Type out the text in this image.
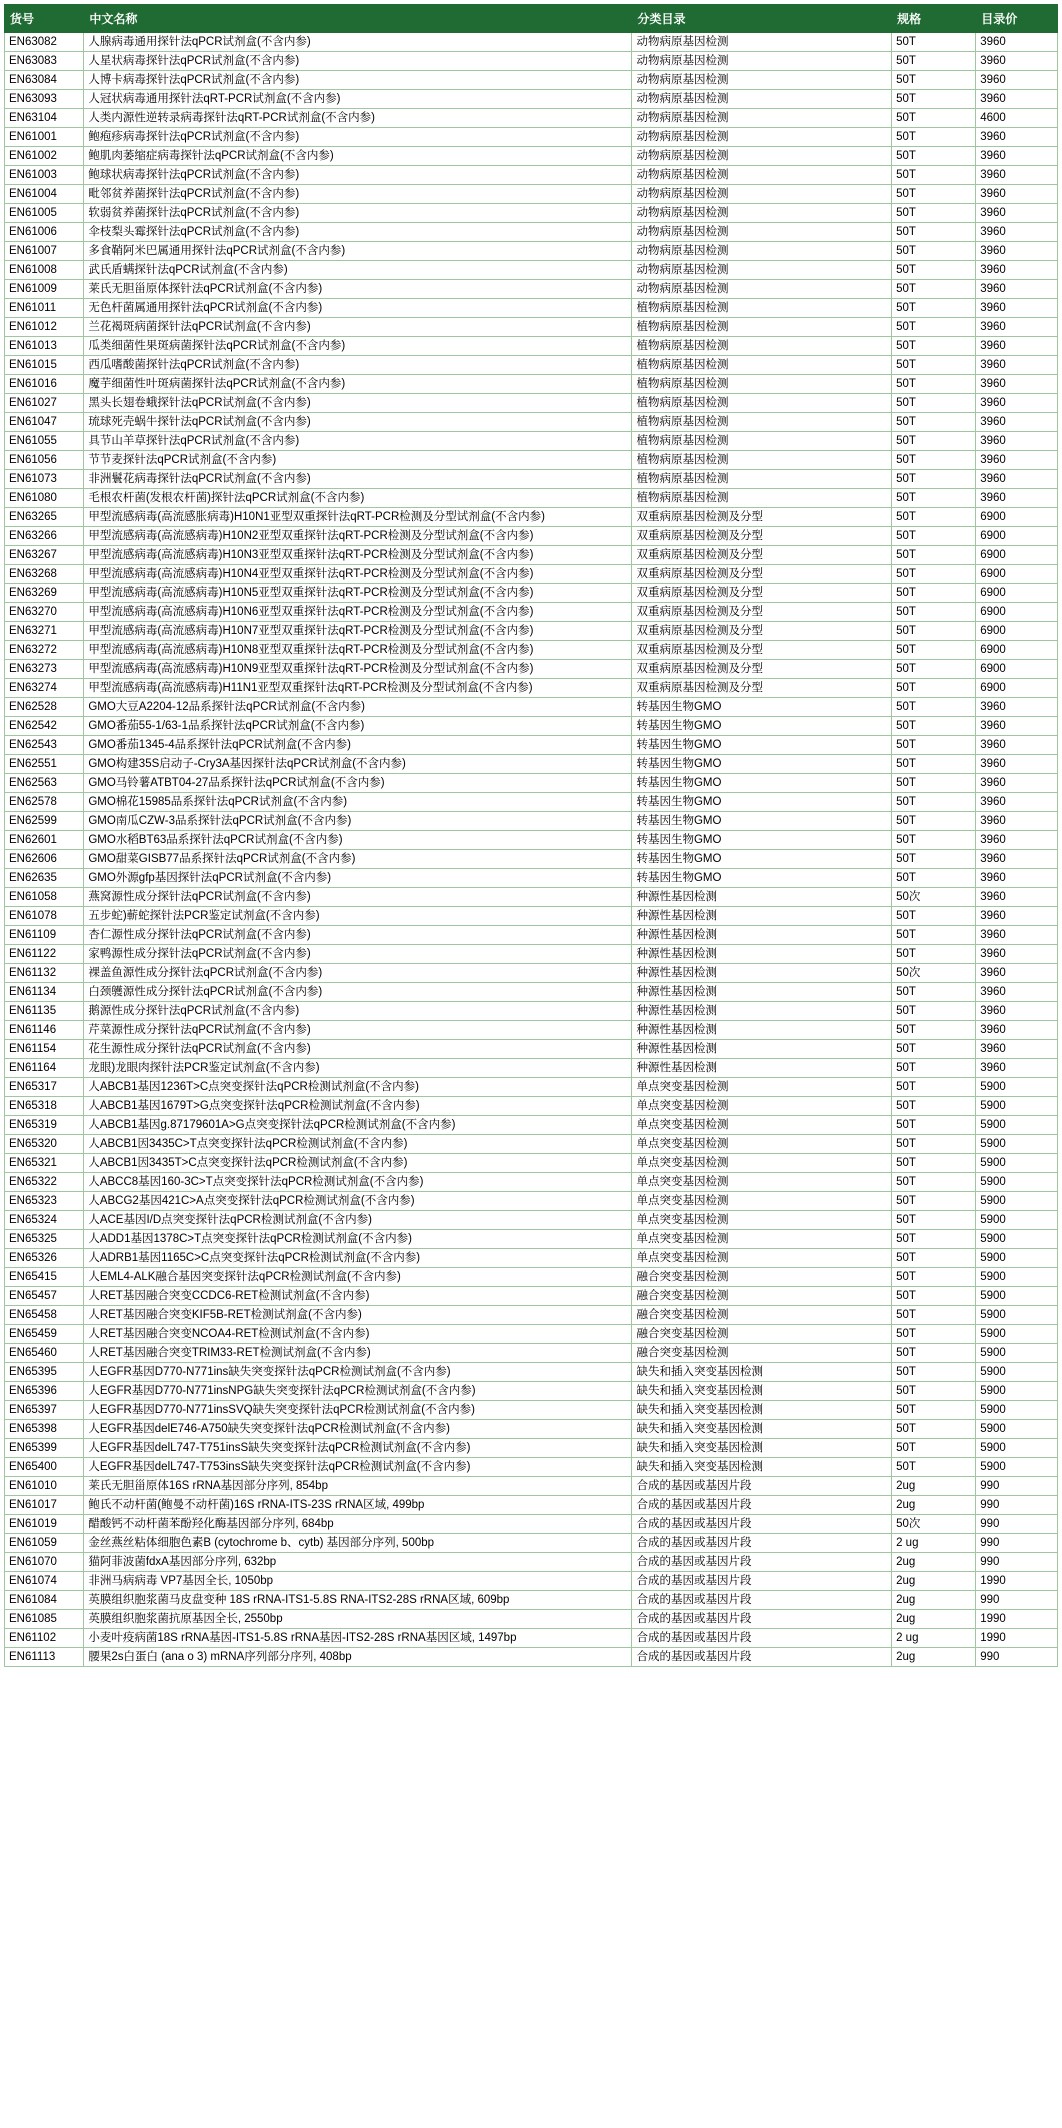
货号	中文名称	分类目录	规格	目录价
EN63082	人腺病毒通用探针法qPCR试剂盒(不含内参)	动物病原基因检测	50T	3960
EN63083	人星状病毒探针法qPCR试剂盒(不含内参)	动物病原基因检测	50T	3960
EN63084	人博卡病毒探针法qPCR试剂盒(不含内参)	动物病原基因检测	50T	3960
EN63093	人冠状病毒通用探针法qRT-PCR试剂盒(不含内参)	动物病原基因检测	50T	3960
EN63104	人类内源性逆转录病毒探针法qRT-PCR试剂盒(不含内参)	动物病原基因检测	50T	4600
EN61001	鲍疱疹病毒探针法qPCR试剂盒(不含内参)	动物病原基因检测	50T	3960
EN61002	鲍肌肉萎缩症病毒探针法qPCR试剂盒(不含内参)	动物病原基因检测	50T	3960
EN61003	鲍球状病毒探针法qPCR试剂盒(不含内参)	动物病原基因检测	50T	3960
EN61004	毗邻贫养菌探针法qPCR试剂盒(不含内参)	动物病原基因检测	50T	3960
EN61005	软弱贫养菌探针法qPCR试剂盒(不含内参)	动物病原基因检测	50T	3960
EN61006	伞枝梨头霉探针法qPCR试剂盒(不含内参)	动物病原基因检测	50T	3960
EN61007	多食鞘阿米巴属通用探针法qPCR试剂盒(不含内参)	动物病原基因检测	50T	3960
EN61008	武氏盾螨探针法qPCR试剂盒(不含内参)	动物病原基因检测	50T	3960
EN61009	莱氏无胆甾原体探针法qPCR试剂盒(不含内参)	动物病原基因检测	50T	3960
EN61011	无色杆菌属通用探针法qPCR试剂盒(不含内参)	植物病原基因检测	50T	3960
EN61012	兰花褐斑病菌探针法qPCR试剂盒(不含内参)	植物病原基因检测	50T	3960
EN61013	瓜类细菌性果斑病菌探针法qPCR试剂盒(不含内参)	植物病原基因检测	50T	3960
EN61015	西瓜嗜酸菌探针法qPCR试剂盒(不含内参)	植物病原基因检测	50T	3960
EN61016	魔芋细菌性叶斑病菌探针法qPCR试剂盒(不含内参)	植物病原基因检测	50T	3960
EN61027	黑头长翅卷蛾探针法qPCR试剂盒(不含内参)	植物病原基因检测	50T	3960
EN61047	琉球死壳蜗牛探针法qPCR试剂盒(不含内参)	植物病原基因检测	50T	3960
EN61055	具节山羊草探针法qPCR试剂盒(不含内参)	植物病原基因检测	50T	3960
EN61056	节节麦探针法qPCR试剂盒(不含内参)	植物病原基因检测	50T	3960
EN61073	非洲鬟花病毒探针法qPCR试剂盒(不含内参)	植物病原基因检测	50T	3960
EN61080	毛根农杆菌(发根农杆菌)探针法qPCR试剂盒(不含内参)	植物病原基因检测	50T	3960
EN63265	甲型流感病毒(高流感胀病毒)H10N1亚型双重探针法qRT-PCR检测及分型试剂盒(不含内参)	双重病原基因检测及分型	50T	6900
EN63266	甲型流感病毒(高流感病毒)H10N2亚型双重探针法qRT-PCR检测及分型试剂盒(不含内参)	双重病原基因检测及分型	50T	6900
EN63267	甲型流感病毒(高流感病毒)H10N3亚型双重探针法qRT-PCR检测及分型试剂盒(不含内参)	双重病原基因检测及分型	50T	6900
EN63268	甲型流感病毒(高流感病毒)H10N4亚型双重探针法qRT-PCR检测及分型试剂盒(不含内参)	双重病原基因检测及分型	50T	6900
EN63269	甲型流感病毒(高流感病毒)H10N5亚型双重探针法qRT-PCR检测及分型试剂盒(不含内参)	双重病原基因检测及分型	50T	6900
EN63270	甲型流感病毒(高流感病毒)H10N6亚型双重探针法qRT-PCR检测及分型试剂盒(不含内参)	双重病原基因检测及分型	50T	6900
EN63271	甲型流感病毒(高流感病毒)H10N7亚型双重探针法qRT-PCR检测及分型试剂盒(不含内参)	双重病原基因检测及分型	50T	6900
EN63272	甲型流感病毒(高流感病毒)H10N8亚型双重探针法qRT-PCR检测及分型试剂盒(不含内参)	双重病原基因检测及分型	50T	6900
EN63273	甲型流感病毒(高流感病毒)H10N9亚型双重探针法qRT-PCR检测及分型试剂盒(不含内参)	双重病原基因检测及分型	50T	6900
EN63274	甲型流感病毒(高流感病毒)H11N1亚型双重探针法qRT-PCR检测及分型试剂盒(不含内参)	双重病原基因检测及分型	50T	6900
EN62528	GMO大豆A2204-12品系探针法qPCR试剂盒(不含内参)	转基因生物GMO	50T	3960
EN62542	GMO番茄55-1/63-1品系探针法qPCR试剂盒(不含内参)	转基因生物GMO	50T	3960
EN62543	GMO番茄1345-4品系探针法qPCR试剂盒(不含内参)	转基因生物GMO	50T	3960
EN62551	GMO构建35S启动子-Cry3A基因探针法qPCR试剂盒(不含内参)	转基因生物GMO	50T	3960
EN62563	GMO马铃薯ATBT04-27品系探针法qPCR试剂盒(不含内参)	转基因生物GMO	50T	3960
EN62578	GMO棉花15985品系探针法qPCR试剂盒(不含内参)	转基因生物GMO	50T	3960
EN62599	GMO南瓜CZW-3品系探针法qPCR试剂盒(不含内参)	转基因生物GMO	50T	3960
EN62601	GMO水稻BT63品系探针法qPCR试剂盒(不含内参)	转基因生物GMO	50T	3960
EN62606	GMO甜菜GISB77品系探针法qPCR试剂盒(不含内参)	转基因生物GMO	50T	3960
EN62635	GMO外源gfp基因探针法qPCR试剂盒(不含内参)	转基因生物GMO	50T	3960
EN61058	燕窝源性成分探针法qPCR试剂盒(不含内参)	种源性基因检测	50次	3960
EN61078	五步蛇)蕲蛇探针法PCR鉴定试剂盒(不含内参)	种源性基因检测	50T	3960
EN61109	杏仁源性成分探针法qPCR试剂盒(不含内参)	种源性基因检测	50T	3960
EN61122	家鸭源性成分探针法qPCR试剂盒(不含内参)	种源性基因检测	50T	3960
EN61132	裸盖鱼源性成分探针法qPCR试剂盒(不含内参)	种源性基因检测	50次	3960
EN61134	白颈鹱源性成分探针法qPCR试剂盒(不含内参)	种源性基因检测	50T	3960
EN61135	鹅源性成分探针法qPCR试剂盒(不含内参)	种源性基因检测	50T	3960
EN61146	芹菜源性成分探针法qPCR试剂盒(不含内参)	种源性基因检测	50T	3960
EN61154	花生源性成分探针法qPCR试剂盒(不含内参)	种源性基因检测	50T	3960
EN61164	龙眼)龙眼肉探针法PCR鉴定试剂盒(不含内参)	种源性基因检测	50T	3960
EN65317	人ABCB1基因1236T>C点突变探针法qPCR检测试剂盒(不含内参)	单点突变基因检测	50T	5900
EN65318	人ABCB1基因1679T>G点突变探针法qPCR检测试剂盒(不含内参)	单点突变基因检测	50T	5900
EN65319	人ABCB1基因g.87179601A>G点突变探针法qPCR检测试剂盒(不含内参)	单点突变基因检测	50T	5900
EN65320	人ABCB1因3435C>T点突变探针法qPCR检测试剂盒(不含内参)	单点突变基因检测	50T	5900
EN65321	人ABCB1因3435T>C点突变探针法qPCR检测试剂盒(不含内参)	单点突变基因检测	50T	5900
EN65322	人ABCC8基因160-3C>T点突变探针法qPCR检测试剂盒(不含内参)	单点突变基因检测	50T	5900
EN65323	人ABCG2基因421C>A点突变探针法qPCR检测试剂盒(不含内参)	单点突变基因检测	50T	5900
EN65324	人ACE基因I/D点突变探针法qPCR检测试剂盒(不含内参)	单点突变基因检测	50T	5900
EN65325	人ADD1基因1378C>T点突变探针法qPCR检测试剂盒(不含内参)	单点突变基因检测	50T	5900
EN65326	人ADRB1基因1165C>C点突变探针法qPCR检测试剂盒(不含内参)	单点突变基因检测	50T	5900
EN65415	人EML4-ALK融合基因突变探针法qPCR检测试剂盒(不含内参)	融合突变基因检测	50T	5900
EN65457	人RET基因融合突变CCDC6-RET检测试剂盒(不含内参)	融合突变基因检测	50T	5900
EN65458	人RET基因融合突变KIF5B-RET检测试剂盒(不含内参)	融合突变基因检测	50T	5900
EN65459	人RET基因融合突变NCOA4-RET检测试剂盒(不含内参)	融合突变基因检测	50T	5900
EN65460	人RET基因融合突变TRIM33-RET检测试剂盒(不含内参)	融合突变基因检测	50T	5900
EN65395	人EGFR基因D770-N771ins缺失突变探针法qPCR检测试剂盒(不含内参)	缺失和插入突变基因检测	50T	5900
EN65396	人EGFR基因D770-N771insNPG缺失突变探针法qPCR检测试剂盒(不含内参)	缺失和插入突变基因检测	50T	5900
EN65397	人EGFR基因D770-N771insSVQ缺失突变探针法qPCR检测试剂盒(不含内参)	缺失和插入突变基因检测	50T	5900
EN65398	人EGFR基因delE746-A750缺失突变探针法qPCR检测试剂盒(不含内参)	缺失和插入突变基因检测	50T	5900
EN65399	人EGFR基因delL747-T751insS缺失突变探针法qPCR检测试剂盒(不含内参)	缺失和插入突变基因检测	50T	5900
EN65400	人EGFR基因delL747-T753insS缺失突变探针法qPCR检测试剂盒(不含内参)	缺失和插入突变基因检测	50T	5900
EN61010	莱氏无胆甾原体16S rRNA基因部分序列, 854bp	合成的基因或基因片段	2ug	990
EN61017	鲍氏不动杆菌(鲍曼不动杆菌)16S rRNA-ITS-23S rRNA区域, 499bp	合成的基因或基因片段	2ug	990
EN61019	醋酸钙不动杆菌苯酚羟化酶基因部分序列, 684bp	合成的基因或基因片段	50次	990
EN61059	金丝燕丝粘体细胞色素B (cytochrome b、cytb) 基因部分序列, 500bp	合成的基因或基因片段	2 ug	990
EN61070	猫阿菲波菌fdxA基因部分序列, 632bp	合成的基因或基因片段	2ug	990
EN61074	非洲马病病毒 VP7基因全长, 1050bp	合成的基因或基因片段	2ug	1990
EN61084	英膜组织胞浆菌马皮盘变种 18S rRNA-ITS1-5.8S RNA-ITS2-28S rRNA区域, 609bp	合成的基因或基因片段	2ug	990
EN61085	英膜组织胞浆菌抗原基因全长, 2550bp	合成的基因或基因片段	2ug	1990
EN61102	小麦叶疫病菌18S rRNA基因-ITS1-5.8S rRNA基因-ITS2-28S rRNA基因区域, 1497bp	合成的基因或基因片段	2 ug	1990
EN61113	腰果2s白蛋白 (ana o 3) mRNA序列部分序列, 408bp	合成的基因或基因片段	2ug	990
